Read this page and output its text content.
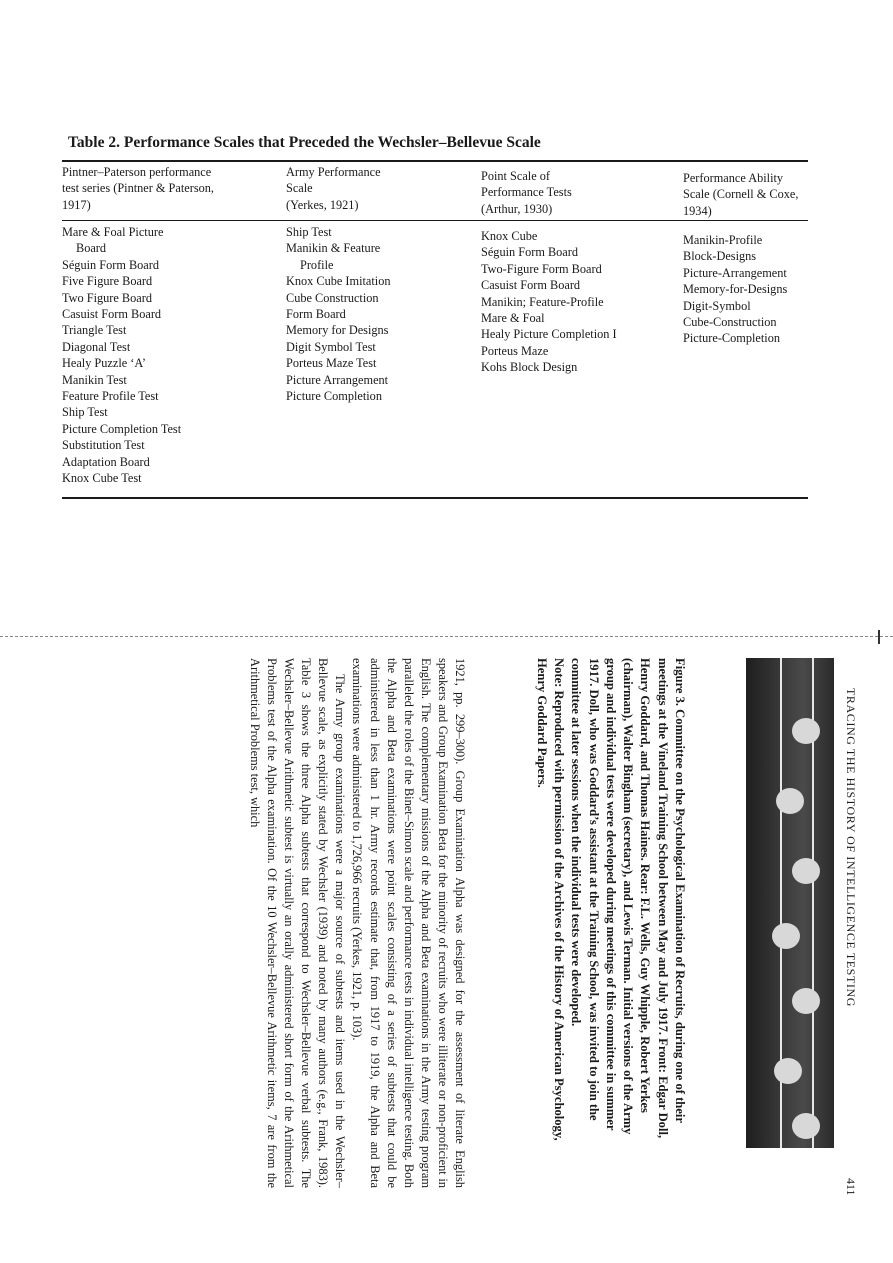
Table 2. Performance Scales that Preceded the Wechsler–Bellevue Scale
Pintner–Paterson performance
test series (Pintner & Paterson,
1917)
Army Performance
Scale
(Yerkes, 1921)
Point Scale of
Performance Tests
(Arthur, 1930)
Performance Ability
Scale (Cornell & Coxe,
1934)
Mare & Foal Picture
Board
Séguin Form Board
Five Figure Board
Two Figure Board
Casuist Form Board
Triangle Test
Diagonal Test
Healy Puzzle ‘A’
Manikin Test
Feature Profile Test
Ship Test
Picture Completion Test
Substitution Test
Adaptation Board
Knox Cube Test
Ship Test
Manikin & Feature
Profile
Knox Cube Imitation
Cube Construction
Form Board
Memory for Designs
Digit Symbol Test
Porteus Maze Test
Picture Arrangement
Picture Completion
Knox Cube
Séguin Form Board
Two-Figure Form Board
Casuist Form Board
Manikin; Feature-Profile
Mare & Foal
Healy Picture Completion I
Porteus Maze
Kohs Block Design
Manikin-Profile
Block-Designs
Picture-Arrangement
Memory-for-Designs
Digit-Symbol
Cube-Construction
Picture-Completion
TRACING THE HISTORY OF INTELLIGENCE TESTING
411
Figure 3. Committee on the Psychological Examination of Recruits, during one of their meetings at the Vineland Training School between May and July 1917. Front: Edgar Doll, Henry Goddard, and Thomas Haines. Rear: F.L. Wells, Guy Whipple, Robert Yerkes (chairman), Walter Bingham (secretary), and Lewis Terman. Initial versions of the Army group and individual tests were developed during meetings of this committee in summer 1917. Doll, who was Goddard’s assistant at the Training School, was invited to join the committee at later sessions when the individual tests were developed.
Note: Reproduced with permission of the Archives of the History of American Psychology, Henry Goddard Papers.

1921, pp. 299–300). Group Examination Alpha was designed for the assessment of literate English speakers and Group Examination Beta for the minority of recruits who were illiterate or non-proficient in English. The complementary missions of the Alpha and Beta examinations in the Army testing program paralleled the roles of the Binet–Simon scale and performance tests in individual intelligence testing. Both the Alpha and Beta examinations were point scales consisting of a series of subtests that could be administered in less than 1 hr. Army records estimate that, from 1917 to 1919, the Alpha and Beta examinations were administered to 1,726,966 recruits (Yerkes, 1921, p. 103).

The Army group examinations were a major source of subtests and items used in the Wechsler–Bellevue scale, as explicitly stated by Wechsler (1939) and noted by many authors (e.g., Frank, 1983). Table 3 shows the three Alpha subtests that correspond to Wechsler–Bellevue verbal subtests. The Wechsler–Bellevue Arithmetic subtest is virtually an orally administered short form of the Arithmetical Problems test of the Alpha examination. Of the 10 Wechsler–Bellevue Arithmetic items, 7 are from the Arithmetical Problems test, which
